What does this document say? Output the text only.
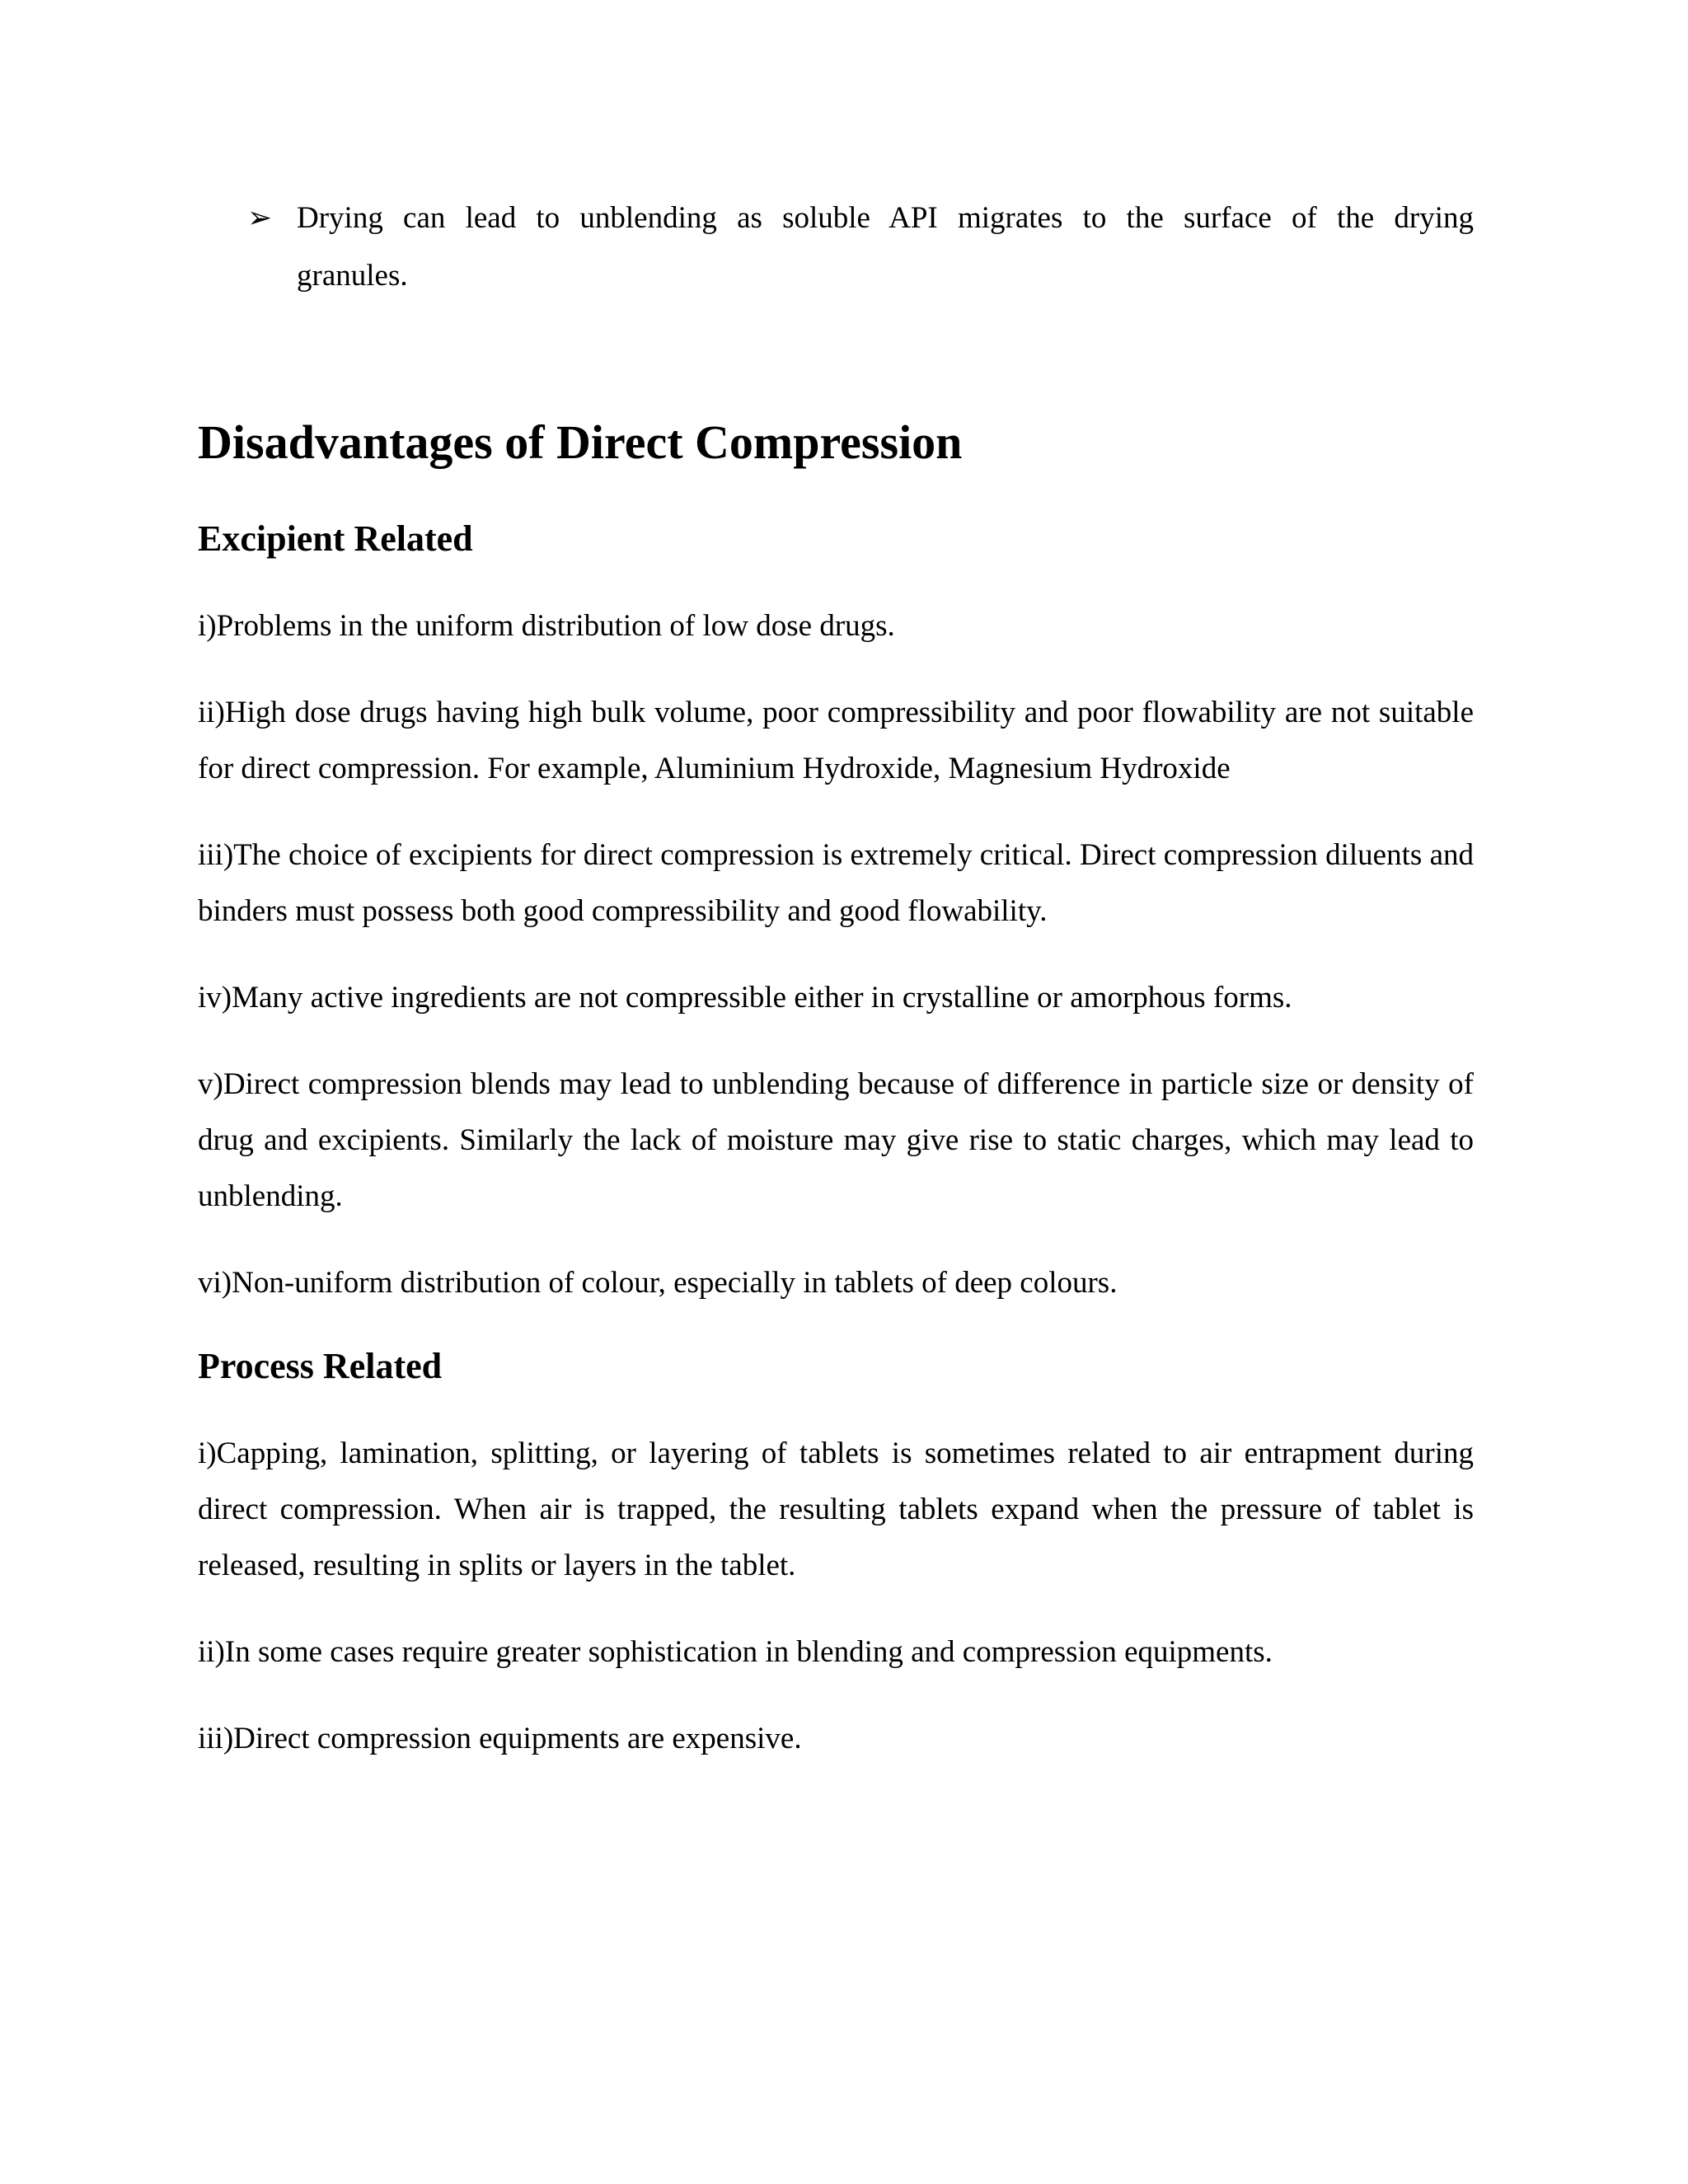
➢ Drying can lead to unblending as soluble API migrates to the surface of the drying granules.
Disadvantages of Direct Compression
Excipient Related

i)Problems in the uniform distribution of low dose drugs.

ii)High dose drugs having high bulk volume, poor compressibility and poor flowability are not suitable for direct compression. For example, Aluminium Hydroxide, Magnesium Hydroxide

iii)The choice of excipients for direct compression is extremely critical. Direct compression diluents and binders must possess both good compressibility and good flowability.

iv)Many active ingredients are not compressible either in crystalline or amorphous forms.

v)Direct compression blends may lead to unblending because of difference in particle size or density of drug and excipients. Similarly the lack of moisture may give rise to static charges, which may lead to unblending.

vi)Non-uniform distribution of colour, especially in tablets of deep colours.

Process Related

i)Capping, lamination, splitting, or layering of tablets is sometimes related to air entrapment during direct compression. When air is trapped, the resulting tablets expand when the pressure of tablet is released, resulting in splits or layers in the tablet.

ii)In some cases require greater sophistication in blending and compression equipments.

iii)Direct compression equipments are expensive.
